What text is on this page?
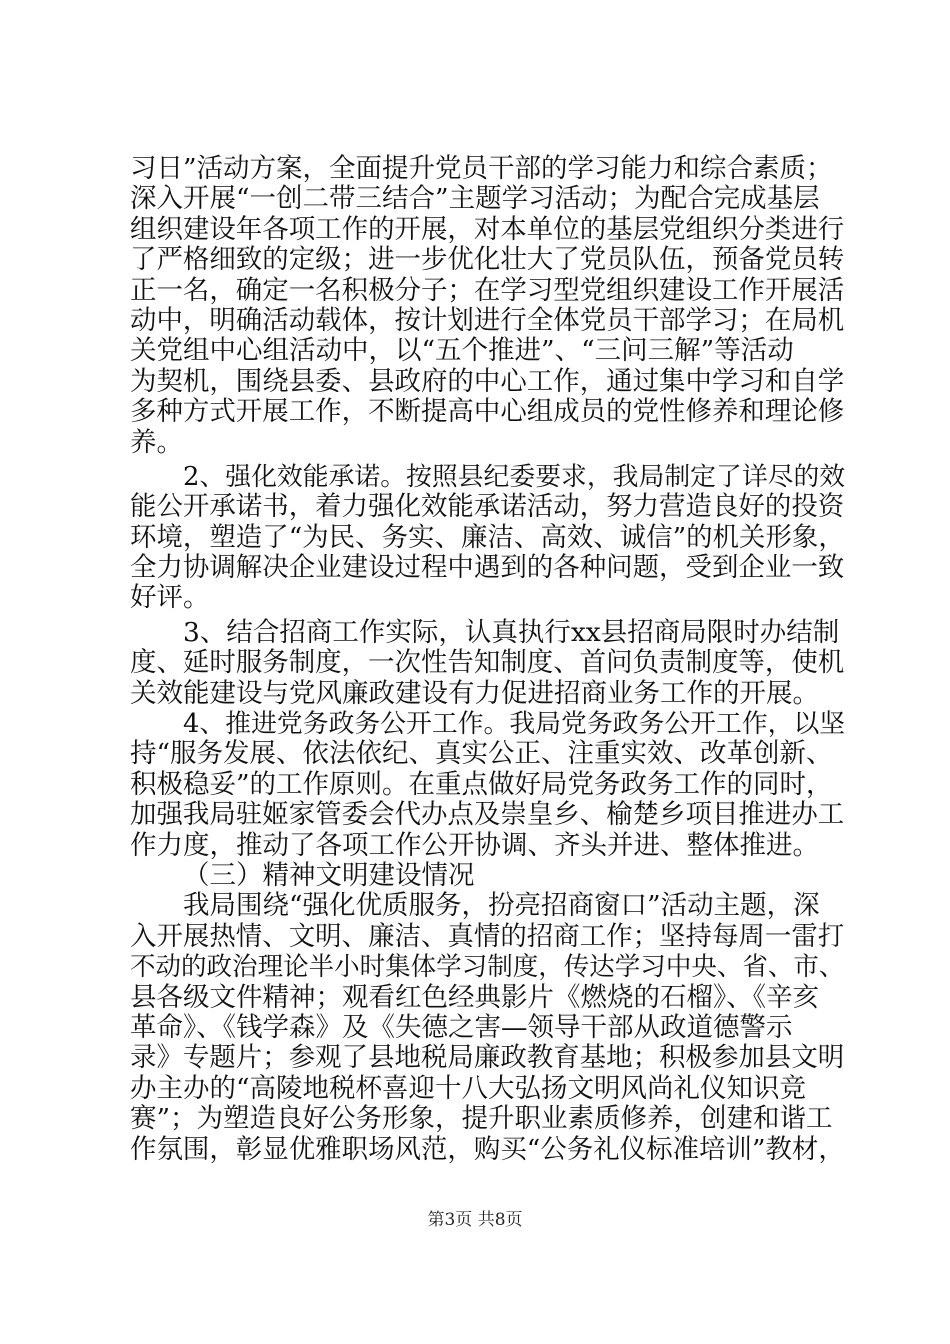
习日”活动方案，全面提升党员干部的学习能力和综合素质；
深入开展“一创二带三结合”主题学习活动；为配合完成基层
组织建设年各项工作的开展，对本单位的基层党组织分类进行
了严格细致的定级；进一步优化壮大了党员队伍，预备党员转
正一名，确定一名积极分子；在学习型党组织建设工作开展活
动中，明确活动载体，按计划进行全体党员干部学习；在局机
关党组中心组活动中，以“五个推进”、“三问三解”等活动
为契机，围绕县委、县政府的中心工作，通过集中学习和自学
多种方式开展工作，不断提高中心组成员的党性修养和理论修
养。
2、强化效能承诺。按照县纪委要求，我局制定了详尽的效
能公开承诺书，着力强化效能承诺活动，努力营造良好的投资
环境，塑造了“为民、务实、廉洁、高效、诚信”的机关形象，
全力协调解决企业建设过程中遇到的各种问题，受到企业一致
好评。
3、结合招商工作实际，认真执行xx县招商局限时办结制
度、延时服务制度，一次性告知制度、首问负责制度等，使机
关效能建设与党风廉政建设有力促进招商业务工作的开展。
4、推进党务政务公开工作。我局党务政务公开工作，以坚
持“服务发展、依法依纪、真实公正、注重实效、改革创新、
积极稳妥”的工作原则。在重点做好局党务政务工作的同时，
加强我局驻姬家管委会代办点及崇皇乡、榆楚乡项目推进办工
作力度，推动了各项工作公开协调、齐头并进、整体推进。
（三）精神文明建设情况
我局围绕“强化优质服务，扮亮招商窗口”活动主题，深
入开展热情、文明、廉洁、真情的招商工作；坚持每周一雷打
不动的政治理论半小时集体学习制度，传达学习中央、省、市、
县各级文件精神；观看红色经典影片《燃烧的石榴》、《辛亥
革命》、《钱学森》及《失德之害—领导干部从政道德警示
录》专题片；参观了县地税局廉政教育基地；积极参加县文明
办主办的“高陵地税杯喜迎十八大弘扬文明风尚礼仪知识竞
赛”；为塑造良好公务形象，提升职业素质修养，创建和谐工
作氛围，彰显优雅职场风范，购买“公务礼仪标准培训”教材，
第3页 共8页
